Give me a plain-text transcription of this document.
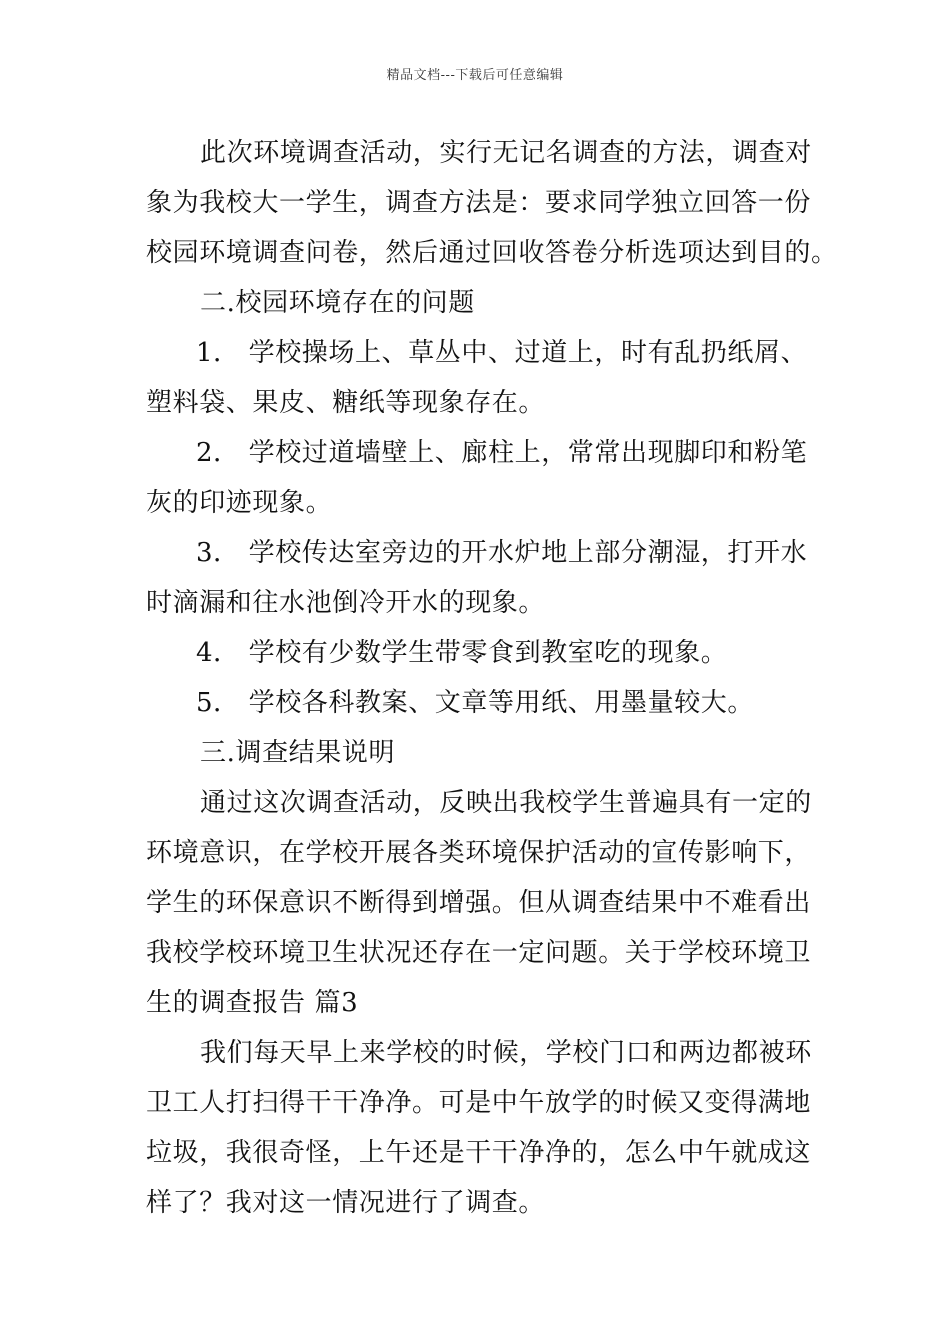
精品文档---下载后可任意编辑
此次环境调查活动，实行无记名调查的方法，调查对
象为我校大一学生，调查方法是：要求同学独立回答一份
校园环境调查问卷，然后通过回收答卷分析选项达到目的。
二.校园环境存在的问题
1． 学校操场上、草丛中、过道上，时有乱扔纸屑、
塑料袋、果皮、糖纸等现象存在。
2． 学校过道墙壁上、廊柱上，常常出现脚印和粉笔
灰的印迹现象。
3． 学校传达室旁边的开水炉地上部分潮湿，打开水
时滴漏和往水池倒冷开水的现象。
4． 学校有少数学生带零食到教室吃的现象。
5． 学校各科教案、文章等用纸、用墨量较大。
三.调查结果说明
通过这次调查活动，反映出我校学生普遍具有一定的
环境意识，在学校开展各类环境保护活动的宣传影响下，
学生的环保意识不断得到增强。但从调查结果中不难看出
我校学校环境卫生状况还存在一定问题。关于学校环境卫
生的调查报告 篇3
我们每天早上来学校的时候，学校门口和两边都被环
卫工人打扫得干干净净。可是中午放学的时候又变得满地
垃圾，我很奇怪，上午还是干干净净的，怎么中午就成这
样了？我对这一情况进行了调查。
